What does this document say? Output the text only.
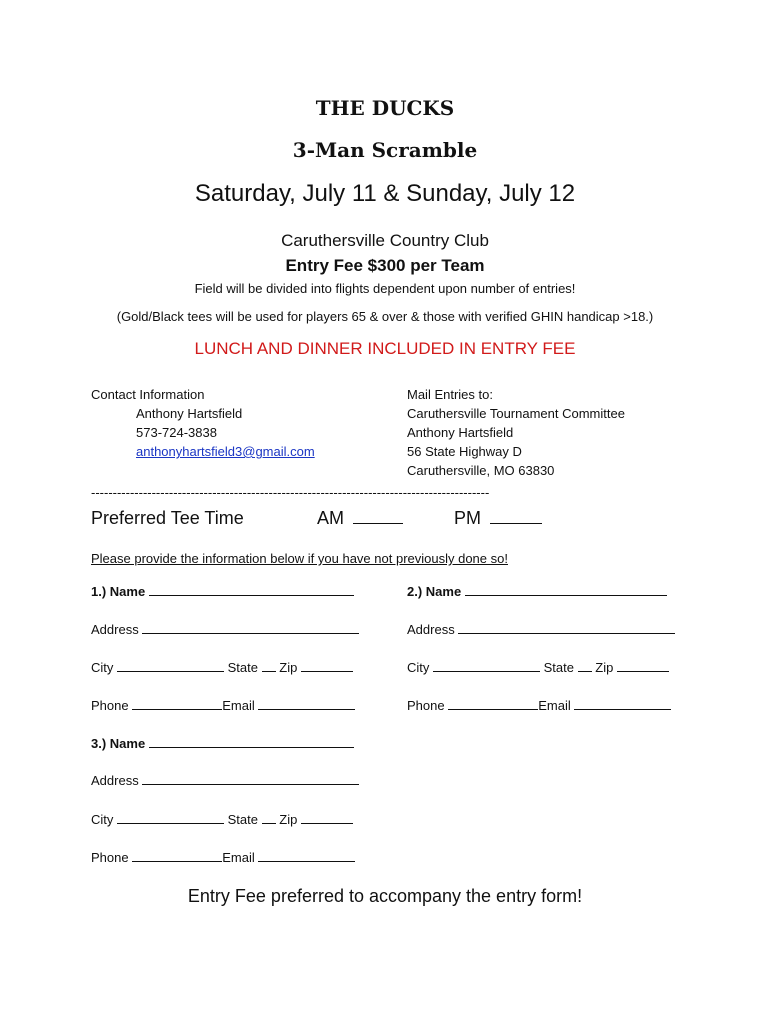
THE DUCKS
3-Man Scramble
Saturday, July 11 & Sunday, July 12
Caruthersville Country Club
Entry Fee $300 per Team
Field will be divided into flights dependent upon number of entries!
(Gold/Black tees will be used for players 65 & over & those with verified GHIN handicap >18.)
LUNCH AND DINNER INCLUDED IN ENTRY FEE
Contact Information
Anthony Hartsfield
573-724-3838
anthonyhartsfield3@gmail.com
Mail Entries to:
Caruthersville Tournament Committee
Anthony Hartsfield
56 State Highway D
Caruthersville, MO 63830
--------------------------------------------------------------------------------------------
Preferred Tee Time	AM	PM
Please provide the information below if you have not previously done so!
1.) Name
Address
City	State Zip
Phone	Email
2.) Name
Address
City	State Zip
Phone	Email
3.) Name
Address
City	State Zip
Phone	Email
Entry Fee preferred to accompany the entry form!
